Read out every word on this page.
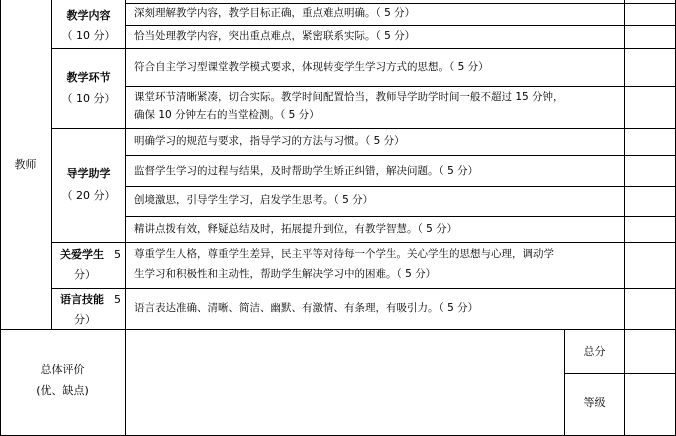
教师
教学内容
（ 10 分）
教学环节
（ 10 分）
导学助学
（ 20 分）
关爱学生 5
分）
语言技能 5
分）
深刻理解教学内容，教学目标正确，重点难点明确。（ 5 分）
恰当处理教学内容，突出重点难点，紧密联系实际。（ 5 分）
符合自主学习型课堂教学模式要求，体现转变学生学习方式的思想。（ 5 分）
课堂环节清晰紧凑，切合实际。教学时间配置恰当，教师导学助学时间一般不超过 15 分钟，
确保 10 分钟左右的当堂检测。（ 5 分）
明确学习的规范与要求，指导学习的方法与习惯。（ 5 分）
监督学生学习的过程与结果，及时帮助学生矫正纠错，解决问题。（ 5 分）
创境激思，引导学生学习，启发学生思考。（ 5 分）
精讲点拨有效，释疑总结及时，拓展提升到位，有教学智慧。（ 5 分）
尊重学生人格，尊重学生差异，民主平等对待每一个学生。关心学生的思想与心理，调动学
生学习和积极性和主动性，帮助学生解决学习中的困难。（ 5 分）
语言表达准确、清晰、简洁、幽默、有激情、有条理，有吸引力。（ 5 分）
总体评价
(优、缺点)
总分
等级
